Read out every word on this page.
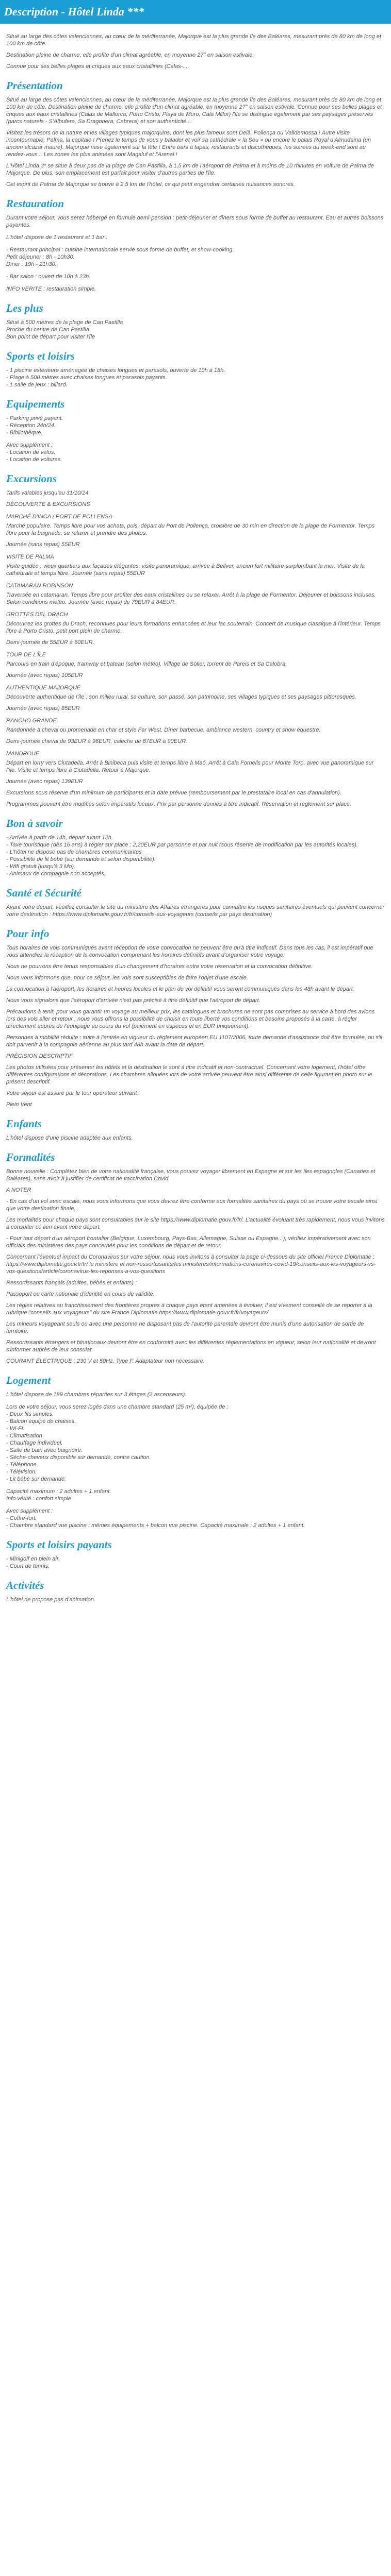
Description - Hôtel Linda ***

Situé au large des côtes valenciennes, au cœur de la méditerranée, Majorque est la plus grande île des Baléares, mesurant près de 80 km de long et 100 km de côte.

Destination pleine de charme, elle profite d'un climat agréable, en moyenne 27° en saison estivale.

Connue pour ses belles plages et criques aux eaux cristallines (Calas-...

Présentation

Situé au large des côtes valenciennes, au cœur de la méditerranée, Majorque est la plus grande île des Baléares, mesurant près de 80 km de long et 100 km de côte. Destination pleine de charme, elle profite d'un climat agréable, en moyenne 27° en saison estivale. Connue pour ses belles plages et criques aux eaux cristallines (Calas de Mallorca, Porto Cristo, Playa de Muro, Cala Millor) l'île se distingue également par ses paysages préservés (parcs naturels - S'Albufera, Sa Dragonera, Cabrera) et son authenticité...

Visitez les trésors de la nature et les villages typiques majorquins, dont les plus fameux sont Deià, Pollença ou Valldemossa ! Autre visite incontournable, Palma, la capitale ! Prenez le temps de vous y balader et voir sa cathédrale « la Seu » ou encore le palais Royal d'Almudaina (un ancien alcazar maure). Majorque mise également sur la fête ! Entre bars à tapas, restaurants et discothèques, les soirées du week-end sont au rendez-vous... Les zones les plus animées sont Magaluf et l'Arenal !

L'Hôtel Linda 3* se situe à deux pas de la plage de Can Pastilla, à 1,5 km de l'aéroport de Palma et à moins de 10 minutes en voiture de Palma de Majorque. De plus, son emplacement est parfait pour visiter d'autres parties de l'île.

Cet esprit de Palma de Majorque se trouve à 2,5 km de l'hôtel, ce qui peut engendrer certaines nuisances sonores.

Restauration

Durant votre séjour, vous serez hébergé en formule demi-pension : petit-déjeuner et dîners sous forme de buffet au restaurant. Eau et autres boissons payantes.

L'hôtel dispose de 1 restaurant et 1 bar :

- Restaurant principal : cuisine internationale servie sous forme de buffet, et show-cooking.

Petit déjeuner : 8h - 10h30.

Dîner : 19h - 21h30.

- Bar salon : ouvert de 10h à 23h.

INFO VERITE : restauration simple.

Les plus

Situé à 500 mètres de la plage de Can Pastilla

Proche du centre de Can Pastilla

Bon point de départ pour visiter l'île

Sports et loisirs

- 1 piscine extérieure aménagée de chaises longues et parasols, ouverte de 10h à 18h.

- Plage à 500 mètres avec chaises longues et parasols payants.

- 1 salle de jeux : billard.

Equipements

- Parking privé payant.

- Réception 24h/24.

- Bibliothèque.

Avec supplément :

- Location de vélos.

- Location de voitures.

Excursions

Tarifs valables jusqu'au 31/10/24.

DÉCOUVERTE & EXCURSIONS

MARCHÉ D'INCA / PORT DE POLLENSA

Marché populaire. Temps libre pour vos achats, puis, départ du Port de Pollença, croisière de 30 min en direction de la plage de Formentor. Temps libre pour la baignade, se relaxer et prendre des photos.

Journée (sans repas) 55EUR

VISITE DE PALMA

Visite guidée : vieux quartiers aux façades élégantes, visite panoramique, arrivée à Bellver, ancien fort militaire surplombant la mer. Visite de la cathédrale et temps libre. Journée (sans repas) 55EUR

CATAMARAN ROBINSON

Traversée en catamaran. Temps libre pour profiter des eaux cristallines ou se relaxer. Arrêt à la plage de Formentor. Déjeuner et boissons incluses. Selon conditions météo. Journée (avec repas) de 79EUR à 84EUR.

GROTTES DEL DRACH

Découvrez les grottes du Drach, reconnues pour leurs formations enhancées et leur lac souterrain. Concert de musique classique à l'intérieur. Temps libre à Porto Cristo, petit port plein de charme.

Demi-journée de 55EUR à 60EUR.

TOUR DE L'ÎLE

Parcours en train d'époque, tramway et bateau (selon météo). Village de Sóller, torrent de Pareis et Sa Calobra.

Journée (avec repas) 105EUR

AUTHENTIQUE MAJORQUE

Découverte authentique de l'île : son milieu rural, sa culture, son passé, son patrimoine, ses villages typiques et ses paysages pittoresques.

Journée (avec repas) 85EUR

RANCHO GRANDE

Randonnée à cheval ou promenade en char et style Far West. Dîner barbecue, ambiance western, country et show équestre.

Demi-journée cheval de 93EUR à 96EUR, calèche de 87EUR à 90EUR.

MANDROUE

Départ en lorry vers Ciutadella. Arrêt à Binibeca puis visite et temps libre à Maó. Arrêt à Cala Fornells pour Monte Toro, avec vue panoramique sur l'île. Visite et temps libre à Ciutadella. Retour à Majorque.

Journée (avec repas) 139EUR

Excursions sous réserve d'un minimum de participants et la date prévue (remboursement par le prestataire local en cas d'annulation).

Programmes pouvant être modifiés selon impératifs locaux. Prix par personne donnés à titre indicatif. Réservation et règlement sur place.

Bon à savoir

- Arrivée à partir de 14h, départ avant 12h.

- Taxe touristique (dès 16 ans) à régler sur place : 2,20EUR par personne et par nuit (sous réserve de modification par les autorités locales).

- L'hôtel ne dispose pas de chambres communicantes.

- Possibilité de lit bébé (sur demande et selon disponibilité).

- Wifi gratuit (jusqu'à 3 Mo).

- Animaux de compagnie non acceptés.

Santé et Sécurité

Avant votre départ, veuillez consulter le site du ministère des Affaires étrangères pour connaître les risques sanitaires éventuels qui peuvent concerner votre destination : https://www.diplomatie.gouv.fr/fr/conseils-aux-voyageurs (conseils par pays destination)

Pour info

Tous horaires de vols communiqués avant réception de votre convocation ne peuvent être qu'à titre indicatif. Dans tous les cas, il est impératif que vous attendiez la réception de la convocation comprenant les horaires définitifs avant d'organiser votre voyage.

Nous ne pourrons être tenus responsables d'un changement d'horaires entre votre réservation et la convocation définitive.

Nous vous informons que, pour ce séjour, les vols sont susceptibles de faire l'objet d'une escale.

La convocation à l'aéroport, les horaires et heures locales et le plan de vol définitif vous seront communiqués dans les 48h avant le départ.

Nous vous signalons que l'aéroport d'arrivée n'est pas précisé à titre définitif que l'aéroport de départ.

Précautions à tenir, pour vous garantir un voyage au meilleur prix, les catalogues et brochures ne sont pas comprises au service à bord des avions lors des vols aller et retour ; nous vous offrons la possibilité de choisir en toute liberté vos conditions et besoins proposés à la carte, à régler directement auprès de l'équipage au cours du vol (paiement en espèces et en EUR uniquement).

Personnes à mobilité réduite : suite à l'entrée en vigueur du règlement européen EU 1107/2006, toute demande d'assistance doit être formulée, ou s'il doit parvenir à la compagnie aérienne au plus tard 48h avant la date de départ.

PRÉCISION DESCRIPTIF

Les photos utilisées pour présenter les hôtels et la destination le sont à titre indicatif et non-contractuel. Concernant votre logement, l'hôtel offre différentes configurations et décorations. Les chambres allouées lors de votre arrivée peuvent être ainsi différente de celle figurant en photo sur le présent descriptif.

Votre séjour est assuré par le tour opérateur suivant :

Plein Vent

Enfants

L'hôtel dispose d'une piscine adaptée aux enfants.

Formalités

Bonne nouvelle : Complétez bien de votre nationalité française, vous pouvez voyager librement en Espagne et sur les îles espagnoles (Canaries et Baléares), sans avoir à justifier de certificat de vaccination Covid.

A NOTER

- En cas d'un vol avec escale, nous vous informons que vous devrez être conforme aux formalités sanitaires du pays où se trouve votre escale ainsi que votre destination finale.

Les modalités pour chaque pays sont consultables sur le site https://www.diplomatie.gouv.fr/fr/. L'actualité évoluant très rapidement, nous vous invitons à consulter ce lien avant votre départ.

- Pour tout départ d'un aéroport frontalier (Belgique, Luxembourg, Pays-Bas, Allemagne, Suisse ou Espagne...), vérifiez impérativement avec son officials des ministères des pays concernés pour les conditions de départ et de retour.

Concernant l'éventuel impact du Coronavirus sur votre séjour, nous vous invitons à consulter la page ci-dessous du site officiel France Diplomatie : https://www.diplomatie.gouv.fr/fr/ le ministère et non-ressortissants/les ministères/informations-coronavirus-covid-19/conseils-aux-les-voyageurs-vs-vos-questions/article/coronavirus-les-reponses-a-vos-questions

Ressortissants français (adultes, bébés et enfants) :

Passeport ou carte nationale d'identité en cours de validité.

Les règles relatives au franchissement des frontières propres à chaque pays étant amenées à évoluer, il est vivement conseillé de se reporter à la rubrique "conseils aux voyageurs" du site France Diplomatie.https://www.diplomatie.gouv.fr/fr/voyageurs/

Les mineurs voyageant seuls ou avec une personne ne disposant pas de l'autorité parentale devront être munis d'une autorisation de sortie de territoire.

Ressortissants étrangers et binationaux devront être en conformité avec les différentes réglementations en vigueur, selon leur nationalité et devront s'informer auprès de leur consulat.

COURANT ÉLECTRIQUE : 230 V et 50Hz. Type F. Adaptateur non nécessaire.

Logement

L'hôtel dispose de 189 chambres réparties sur 3 étages (2 ascenseurs).

Lors de votre séjour, vous serez logés dans une chambre standard (25 m²), équipée de :

- Deux lits simples.

- Balcon équipé de chaises.

- Wi-Fi.

- Climatisation

- Chauffage individuel.

- Salle de bain avec baignoire.

- Sèche-cheveux disponible sur demande, contre caution.

- Téléphone.

- Télévision.

- Lit bébé sur demande.

Capacité maximum : 2 adultes + 1 enfant.

Info vérité : confort simple

Avec supplément :

- Coffre-fort.

- Chambre standard vue piscine : mêmes équipements + balcon vue piscine. Capacité maximale : 2 adultes + 1 enfant.

Sports et loisirs payants

- Minigolf en plein air.

- Court de tennis.

Activités

L'hôtel ne propose pas d'animation.
